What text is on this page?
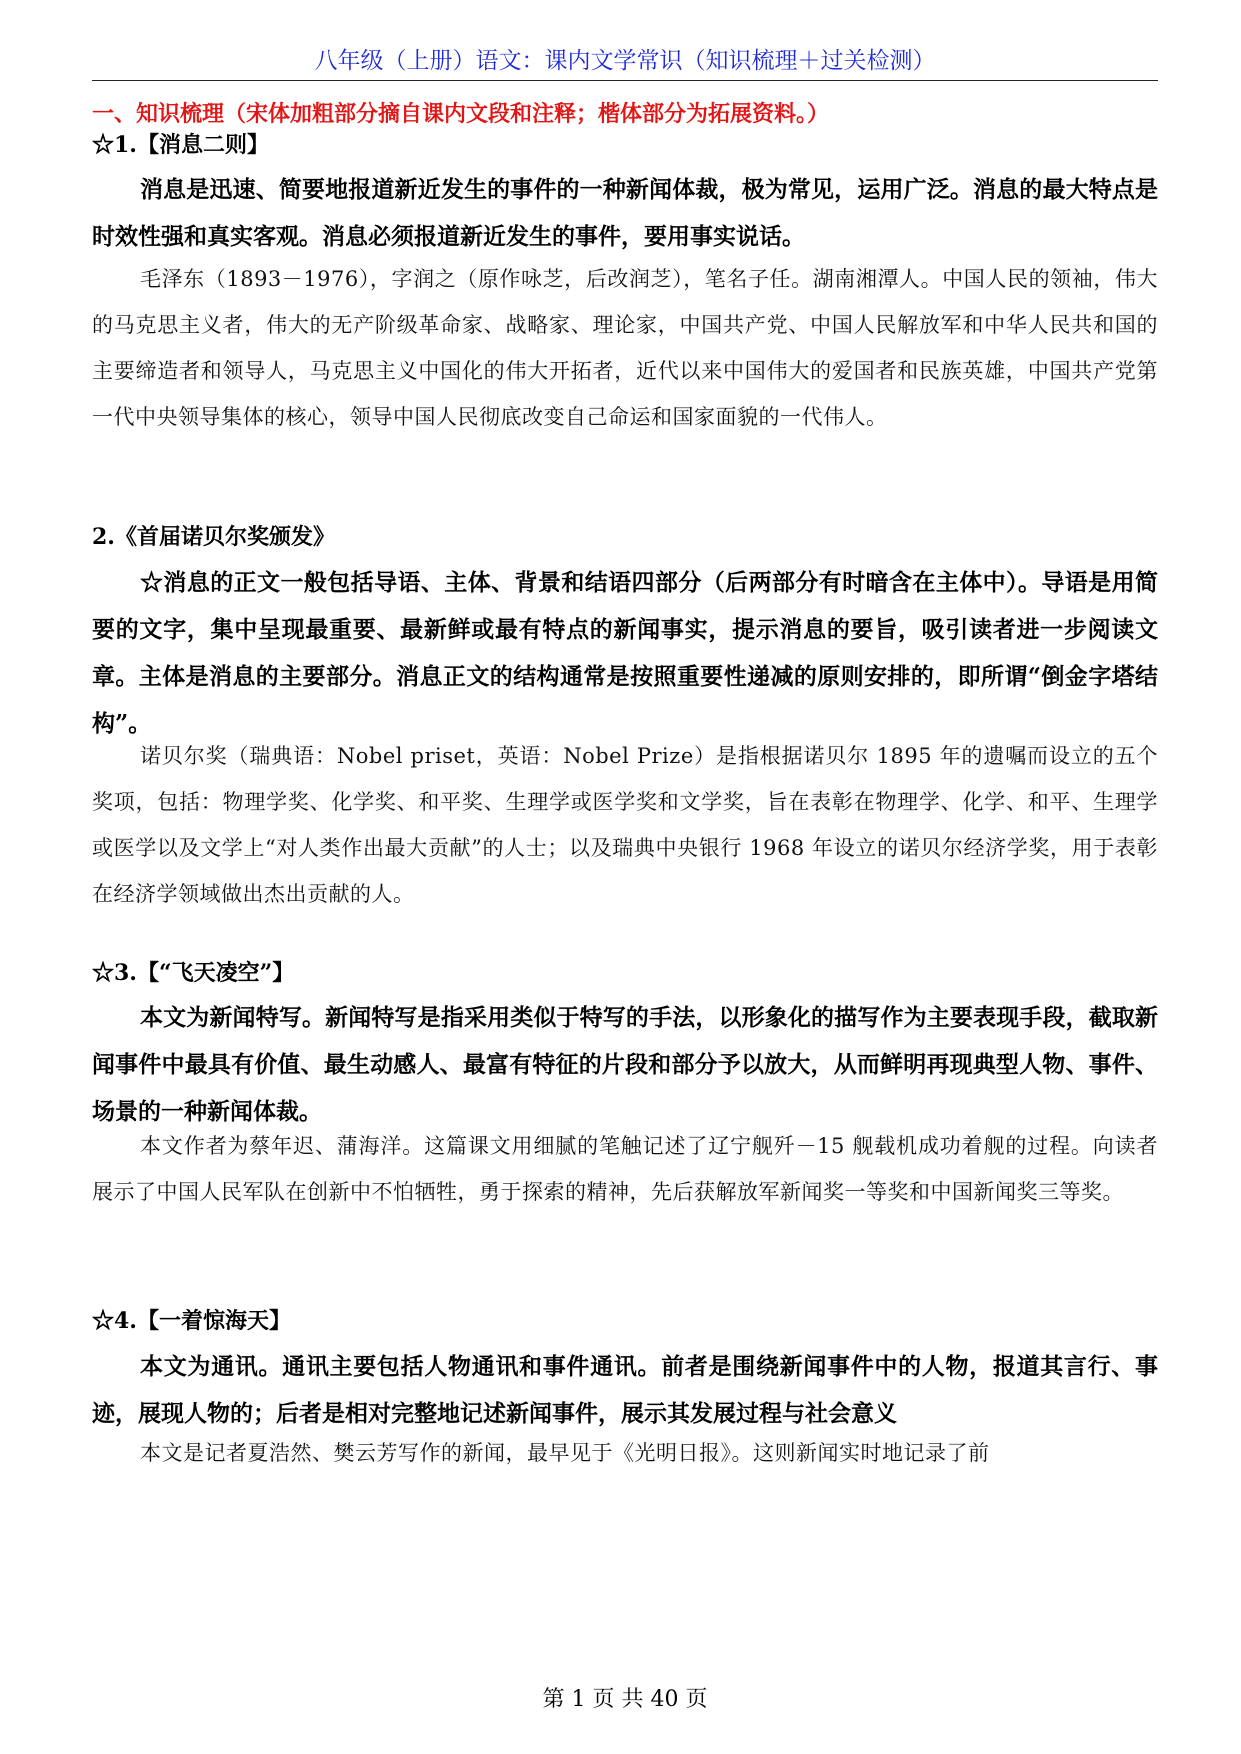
八年级（上册）语文：课内文学常识（知识梳理＋过关检测）
一、知识梳理（宋体加粗部分摘自课内文段和注释；楷体部分为拓展资料。）
☆1.【消息二则】

消息是迅速、简要地报道新近发生的事件的一种新闻体裁，极为常见，运用广泛。消息的最大特点是时效性强和真实客观。消息必须报道新近发生的事件，要用事实说话。

毛泽东（1893－1976），字润之（原作咏芝，后改润芝），笔名子任。湖南湘潭人。中国人民的领袖，伟大的马克思主义者，伟大的无产阶级革命家、战略家、理论家，中国共产党、中国人民解放军和中华人民共和国的主要缔造者和领导人，马克思主义中国化的伟大开拓者，近代以来中国伟大的爱国者和民族英雄，中国共产党第一代中央领导集体的核心，领导中国人民彻底改变自己命运和国家面貌的一代伟人。

2.《首届诺贝尔奖颁发》

☆消息的正文一般包括导语、主体、背景和结语四部分（后两部分有时暗含在主体中）。导语是用简要的文字，集中呈现最重要、最新鲜或最有特点的新闻事实，提示消息的要旨，吸引读者进一步阅读文章。主体是消息的主要部分。消息正文的结构通常是按照重要性递减的原则安排的，即所谓“倒金字塔结构”。

诺贝尔奖（瑞典语：Nobel priset，英语：Nobel Prize）是指根据诺贝尔 1895 年的遗嘱而设立的五个奖项，包括：物理学奖、化学奖、和平奖、生理学或医学奖和文学奖，旨在表彰在物理学、化学、和平、生理学或医学以及文学上“对人类作出最大贡献”的人士；以及瑞典中央银行 1968 年设立的诺贝尔经济学奖，用于表彰在经济学领域做出杰出贡献的人。

☆3.【“飞天凌空”】

本文为新闻特写。新闻特写是指采用类似于特写的手法，以形象化的描写作为主要表现手段，截取新闻事件中最具有价值、最生动感人、最富有特征的片段和部分予以放大，从而鲜明再现典型人物、事件、场景的一种新闻体裁。

本文作者为蔡年迟、蒲海洋。这篇课文用细腻的笔触记述了辽宁舰歼－15 舰载机成功着舰的过程。向读者展示了中国人民军队在创新中不怕牺牲，勇于探索的精神，先后获解放军新闻奖一等奖和中国新闻奖三等奖。

☆4.【一着惊海天】

本文为通讯。通讯主要包括人物通讯和事件通讯。前者是围绕新闻事件中的人物，报道其言行、事迹，展现人物的；后者是相对完整地记述新闻事件，展示其发展过程与社会意义

本文是记者夏浩然、樊云芳写作的新闻，最早见于《光明日报》。这则新闻实时地记录了前

第 1 页 共 40 页
